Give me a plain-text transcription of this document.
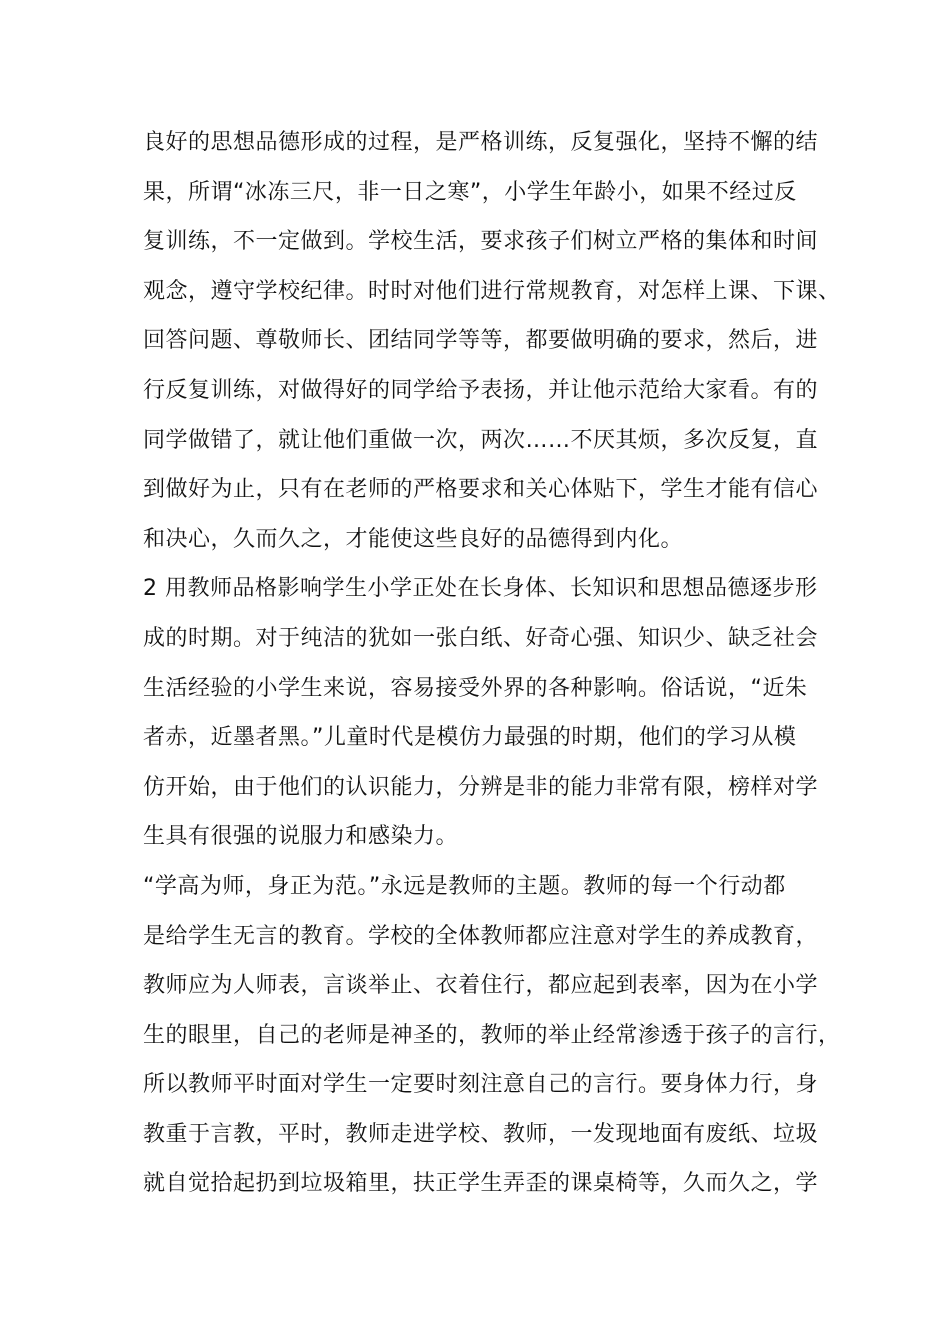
良好的思想品德形成的过程，是严格训练，反复强化，坚持不懈的结
果，所谓“冰冻三尺，非一日之寒”，小学生年龄小，如果不经过反
复训练，不一定做到。学校生活，要求孩子们树立严格的集体和时间
观念，遵守学校纪律。时时对他们进行常规教育，对怎样上课、下课、
回答问题、尊敬师长、团结同学等等，都要做明确的要求，然后，进
行反复训练，对做得好的同学给予表扬，并让他示范给大家看。有的
同学做错了，就让他们重做一次，两次……不厌其烦，多次反复，直
到做好为止，只有在老师的严格要求和关心体贴下，学生才能有信心
和决心，久而久之，才能使这些良好的品德得到内化。
2 用教师品格影响学生小学正处在长身体、长知识和思想品德逐步形
成的时期。对于纯洁的犹如一张白纸、好奇心强、知识少、缺乏社会
生活经验的小学生来说，容易接受外界的各种影响。俗话说，“近朱
者赤，近墨者黑。”儿童时代是模仿力最强的时期，他们的学习从模
仿开始，由于他们的认识能力，分辨是非的能力非常有限，榜样对学
生具有很强的说服力和感染力。
“学高为师，身正为范。”永远是教师的主题。教师的每一个行动都
是给学生无言的教育。学校的全体教师都应注意对学生的养成教育，
教师应为人师表，言谈举止、衣着住行，都应起到表率，因为在小学
生的眼里，自己的老师是神圣的，教师的举止经常渗透于孩子的言行，
所以教师平时面对学生一定要时刻注意自己的言行。要身体力行，身
教重于言教，平时，教师走进学校、教师，一发现地面有废纸、垃圾
就自觉拾起扔到垃圾箱里，扶正学生弄歪的课桌椅等，久而久之，学
